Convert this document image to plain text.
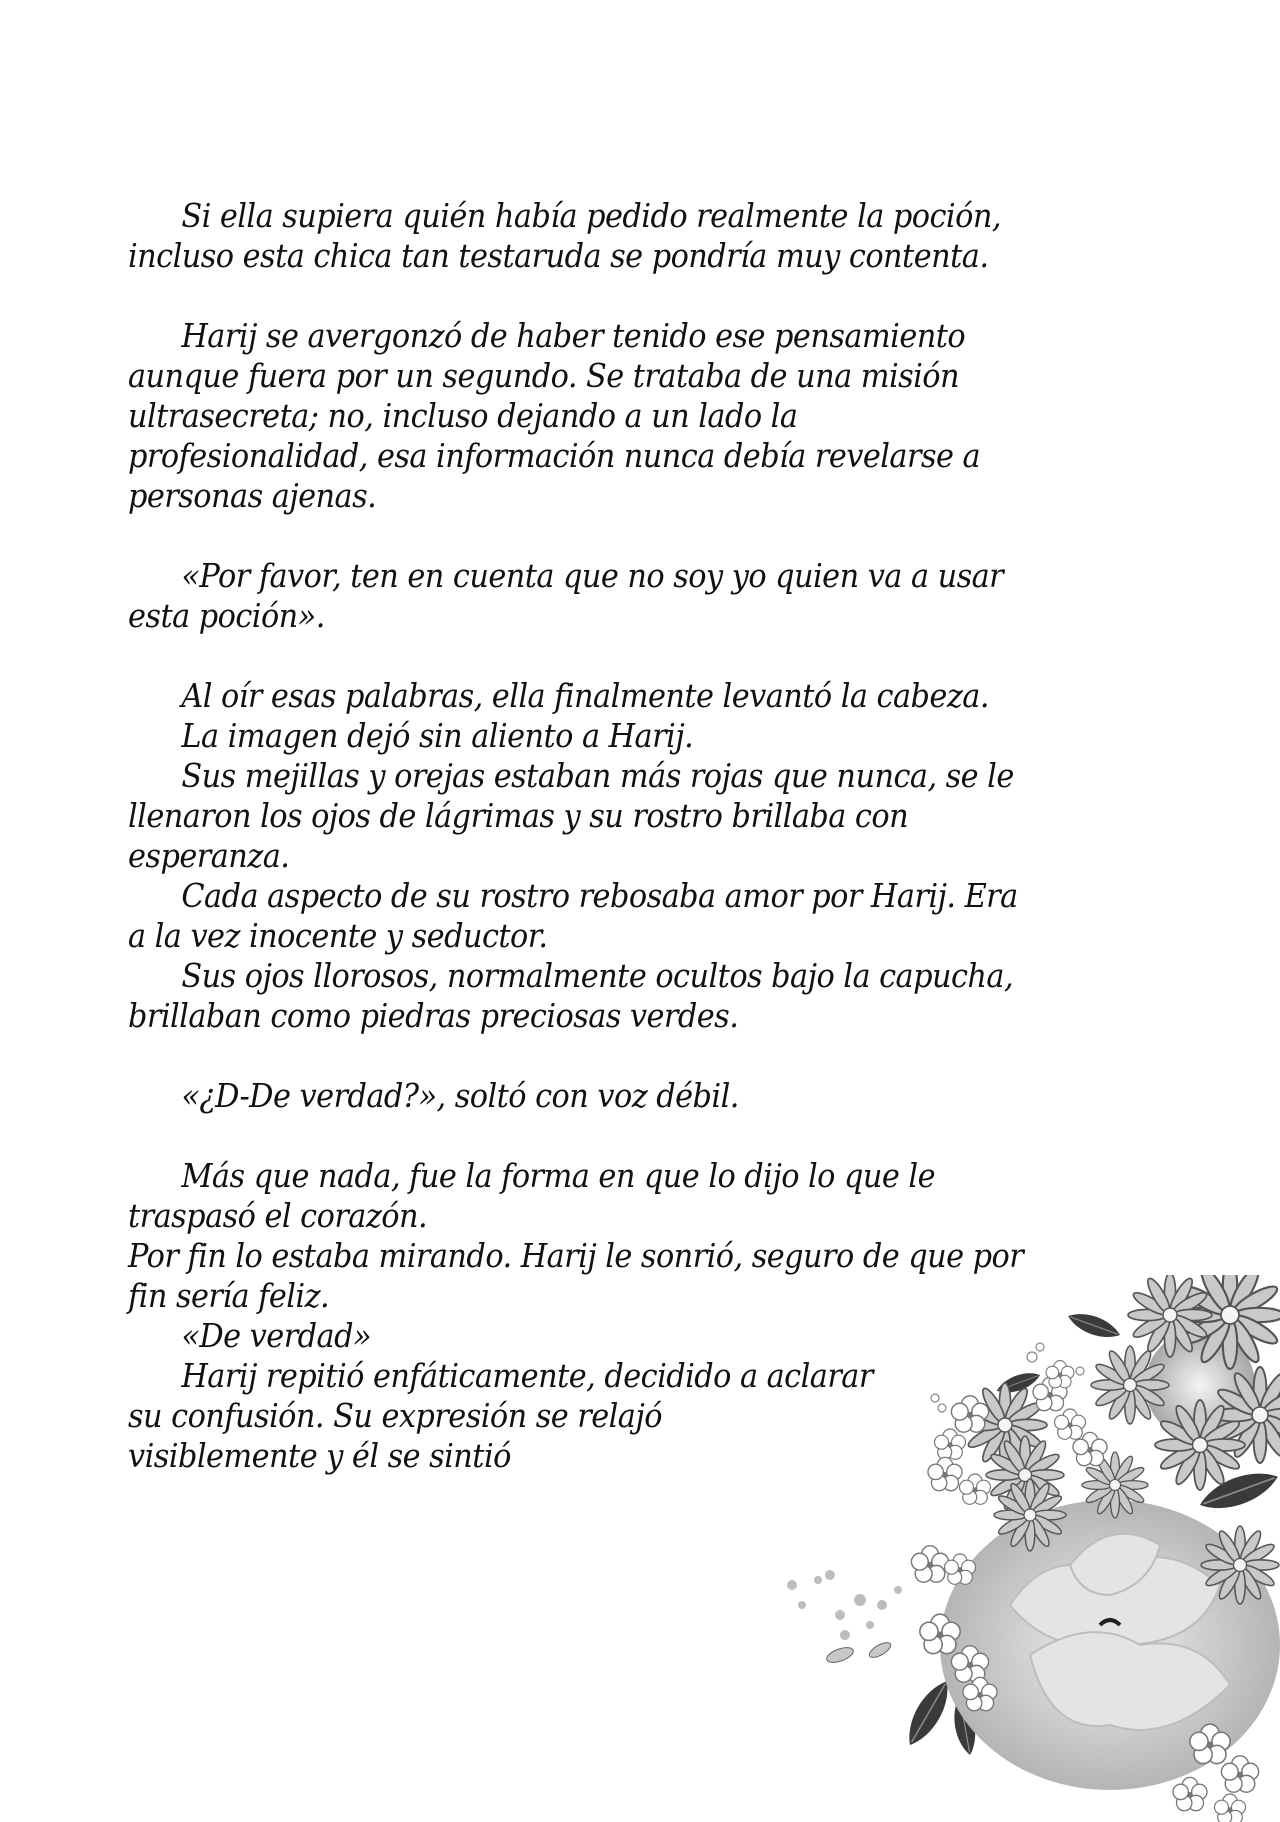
Si ella supiera quién había pedido realmente la poción,
incluso esta chica tan testaruda se pondría muy contenta.
Harij se avergonzó de haber tenido ese pensamiento
aunque fuera por un segundo. Se trataba de una misión
ultrasecreta; no, incluso dejando a un lado la
profesionalidad, esa información nunca debía revelarse a
personas ajenas.
«Por favor, ten en cuenta que no soy yo quien va a usar
esta poción».
Al oír esas palabras, ella finalmente levantó la cabeza.
La imagen dejó sin aliento a Harij.
Sus mejillas y orejas estaban más rojas que nunca, se le
llenaron los ojos de lágrimas y su rostro brillaba con
esperanza.
Cada aspecto de su rostro rebosaba amor por Harij. Era
a la vez inocente y seductor.
Sus ojos llorosos, normalmente ocultos bajo la capucha,
brillaban como piedras preciosas verdes.
«¿D-De verdad?», soltó con voz débil.
Más que nada, fue la forma en que lo dijo lo que le
traspasó el corazón.
Por fin lo estaba mirando. Harij le sonrió, seguro de que por
fin sería feliz.
«De verdad»
Harij repitió enfáticamente, decidido a aclarar
su confusión. Su expresión se relajó
visiblemente y él se sintió
